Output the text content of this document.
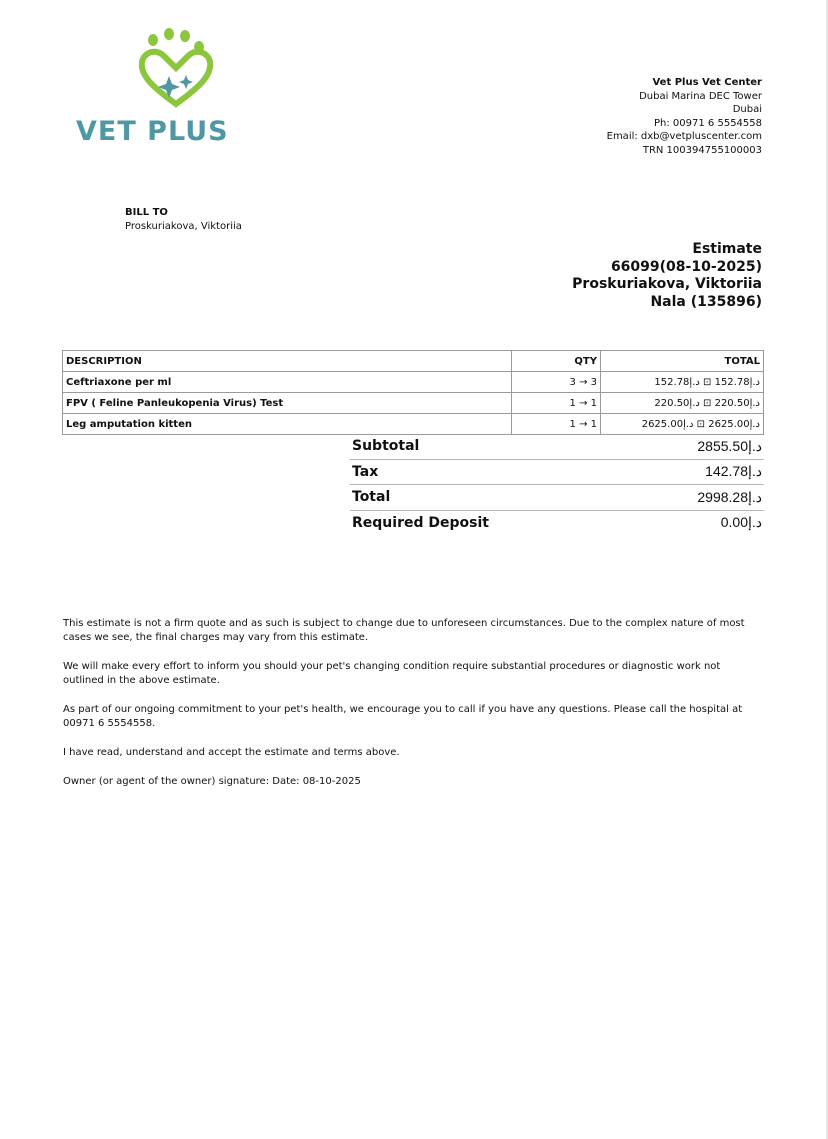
VET PLUS
Vet Plus Vet Center
Dubai Marina DEC Tower
Dubai
Ph: 00971 6 5554558
Email: dxb@vetpluscenter.com
TRN 100394755100003
BILL TO
Proskuriakova, Viktoriia
Estimate
66099(08-10-2025)
Proskuriakova, Viktoriia
Nala (135896)
DESCRIPTION	QTY	TOTAL
Ceftriaxone per ml	3 → 3	د.إ152.78 ⊡ د.إ152.78
FPV ( Feline Panleukopenia Virus) Test	1 → 1	د.إ220.50 ⊡ د.إ220.50
Leg amputation kitten	1 → 1	د.إ2625.00 ⊡ د.إ2625.00
Subtotal	د.إ2855.50
Tax	د.إ142.78
Total	د.إ2998.28
Required Deposit	د.إ0.00

This estimate is not a firm quote and as such is subject to change due to unforeseen circumstances. Due to the complex nature of most cases we see, the final charges may vary from this estimate.

We will make every effort to inform you should your pet's changing condition require substantial procedures or diagnostic work not outlined in the above estimate.

As part of our ongoing commitment to your pet's health, we encourage you to call if you have any questions. Please call the hospital at 00971 6 5554558.

I have read, understand and accept the estimate and terms above.

Owner (or agent of the owner) signature: Date: 08-10-2025
